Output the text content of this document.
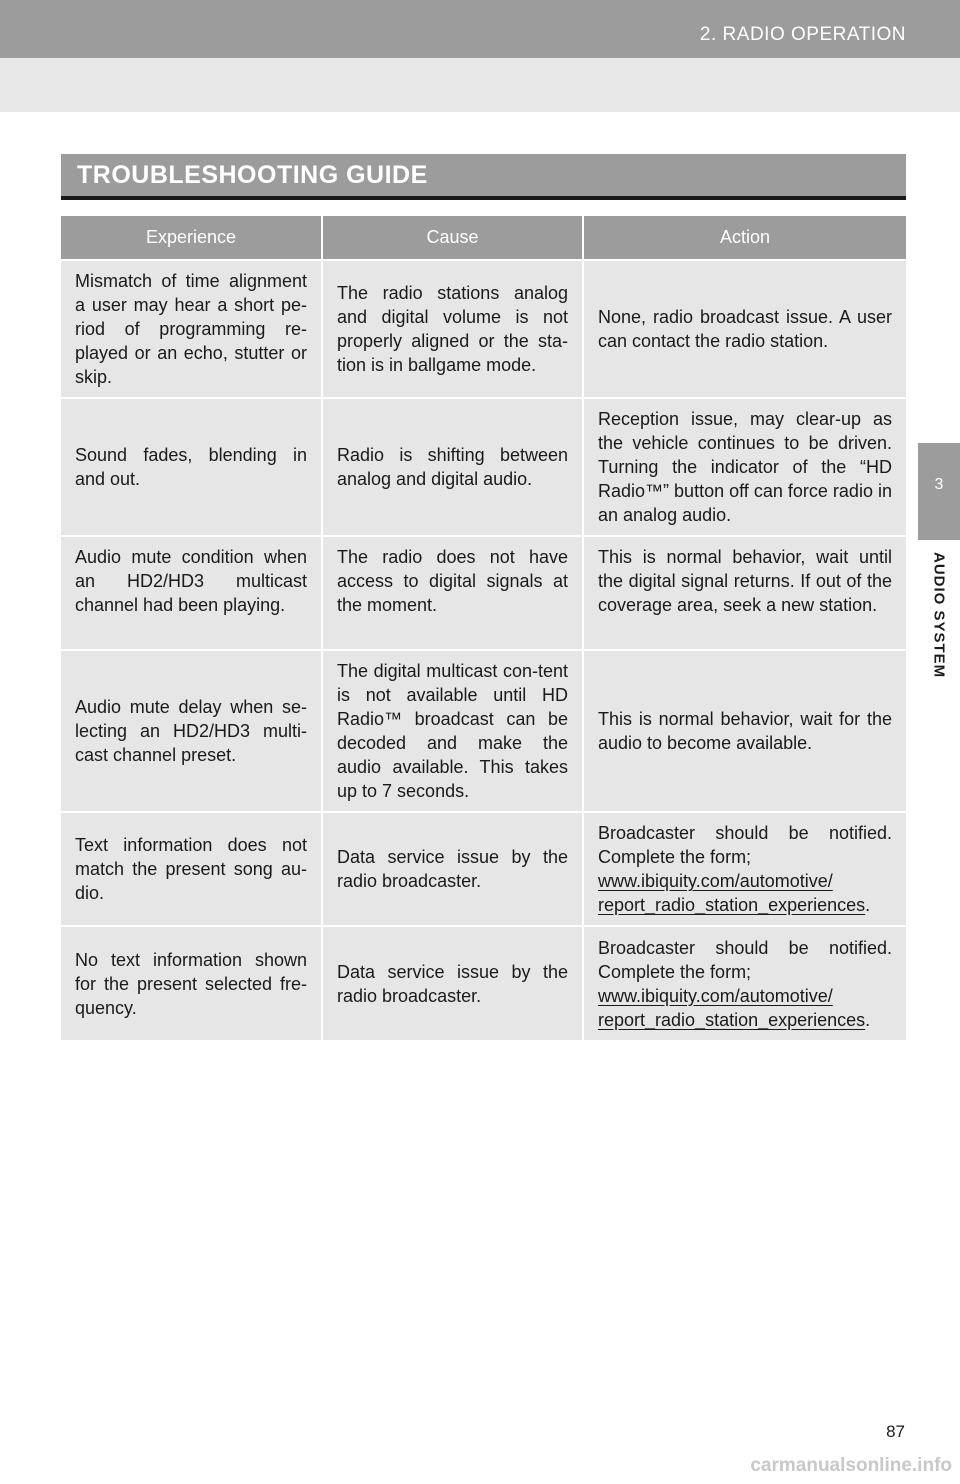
2. RADIO OPERATION
3
AUDIO SYSTEM
TROUBLESHOOTING GUIDE
Experience	Cause	Action
Mismatch of time alignment a user may hear a short pe-riod of programming re-played or an echo, stutter or skip.	The radio stations analog and digital volume is not properly aligned or the sta-tion is in ballgame mode.	None, radio broadcast issue. A user can contact the radio station.
Sound fades, blending in and out.	Radio is shifting between analog and digital audio.	Reception issue, may clear-up as the vehicle continues to be driven. Turning the indicator of the “HD Radio™” button off can force radio in an analog audio.
Audio mute condition when an HD2/HD3 multicast channel had been playing.	The radio does not have access to digital signals at the moment.	This is normal behavior, wait until the digital signal returns. If out of the coverage area, seek a new station.
Audio mute delay when se-lecting an HD2/HD3 multi-cast channel preset.	The digital multicast con-tent is not available until HD Radio™ broadcast can be decoded and make the audio available. This takes up to 7 seconds.	This is normal behavior, wait for the audio to become available.
Text information does not match the present song au-dio.	Data service issue by the radio broadcaster.	Broadcaster should be notified. Complete the form;
www.ibiquity.com/automotive/
report_radio_station_experiences.
No text information shown for the present selected fre-quency.	Data service issue by the radio broadcaster.	Broadcaster should be notified. Complete the form;
www.ibiquity.com/automotive/
report_radio_station_experiences.
87
carmanualsonline.info
